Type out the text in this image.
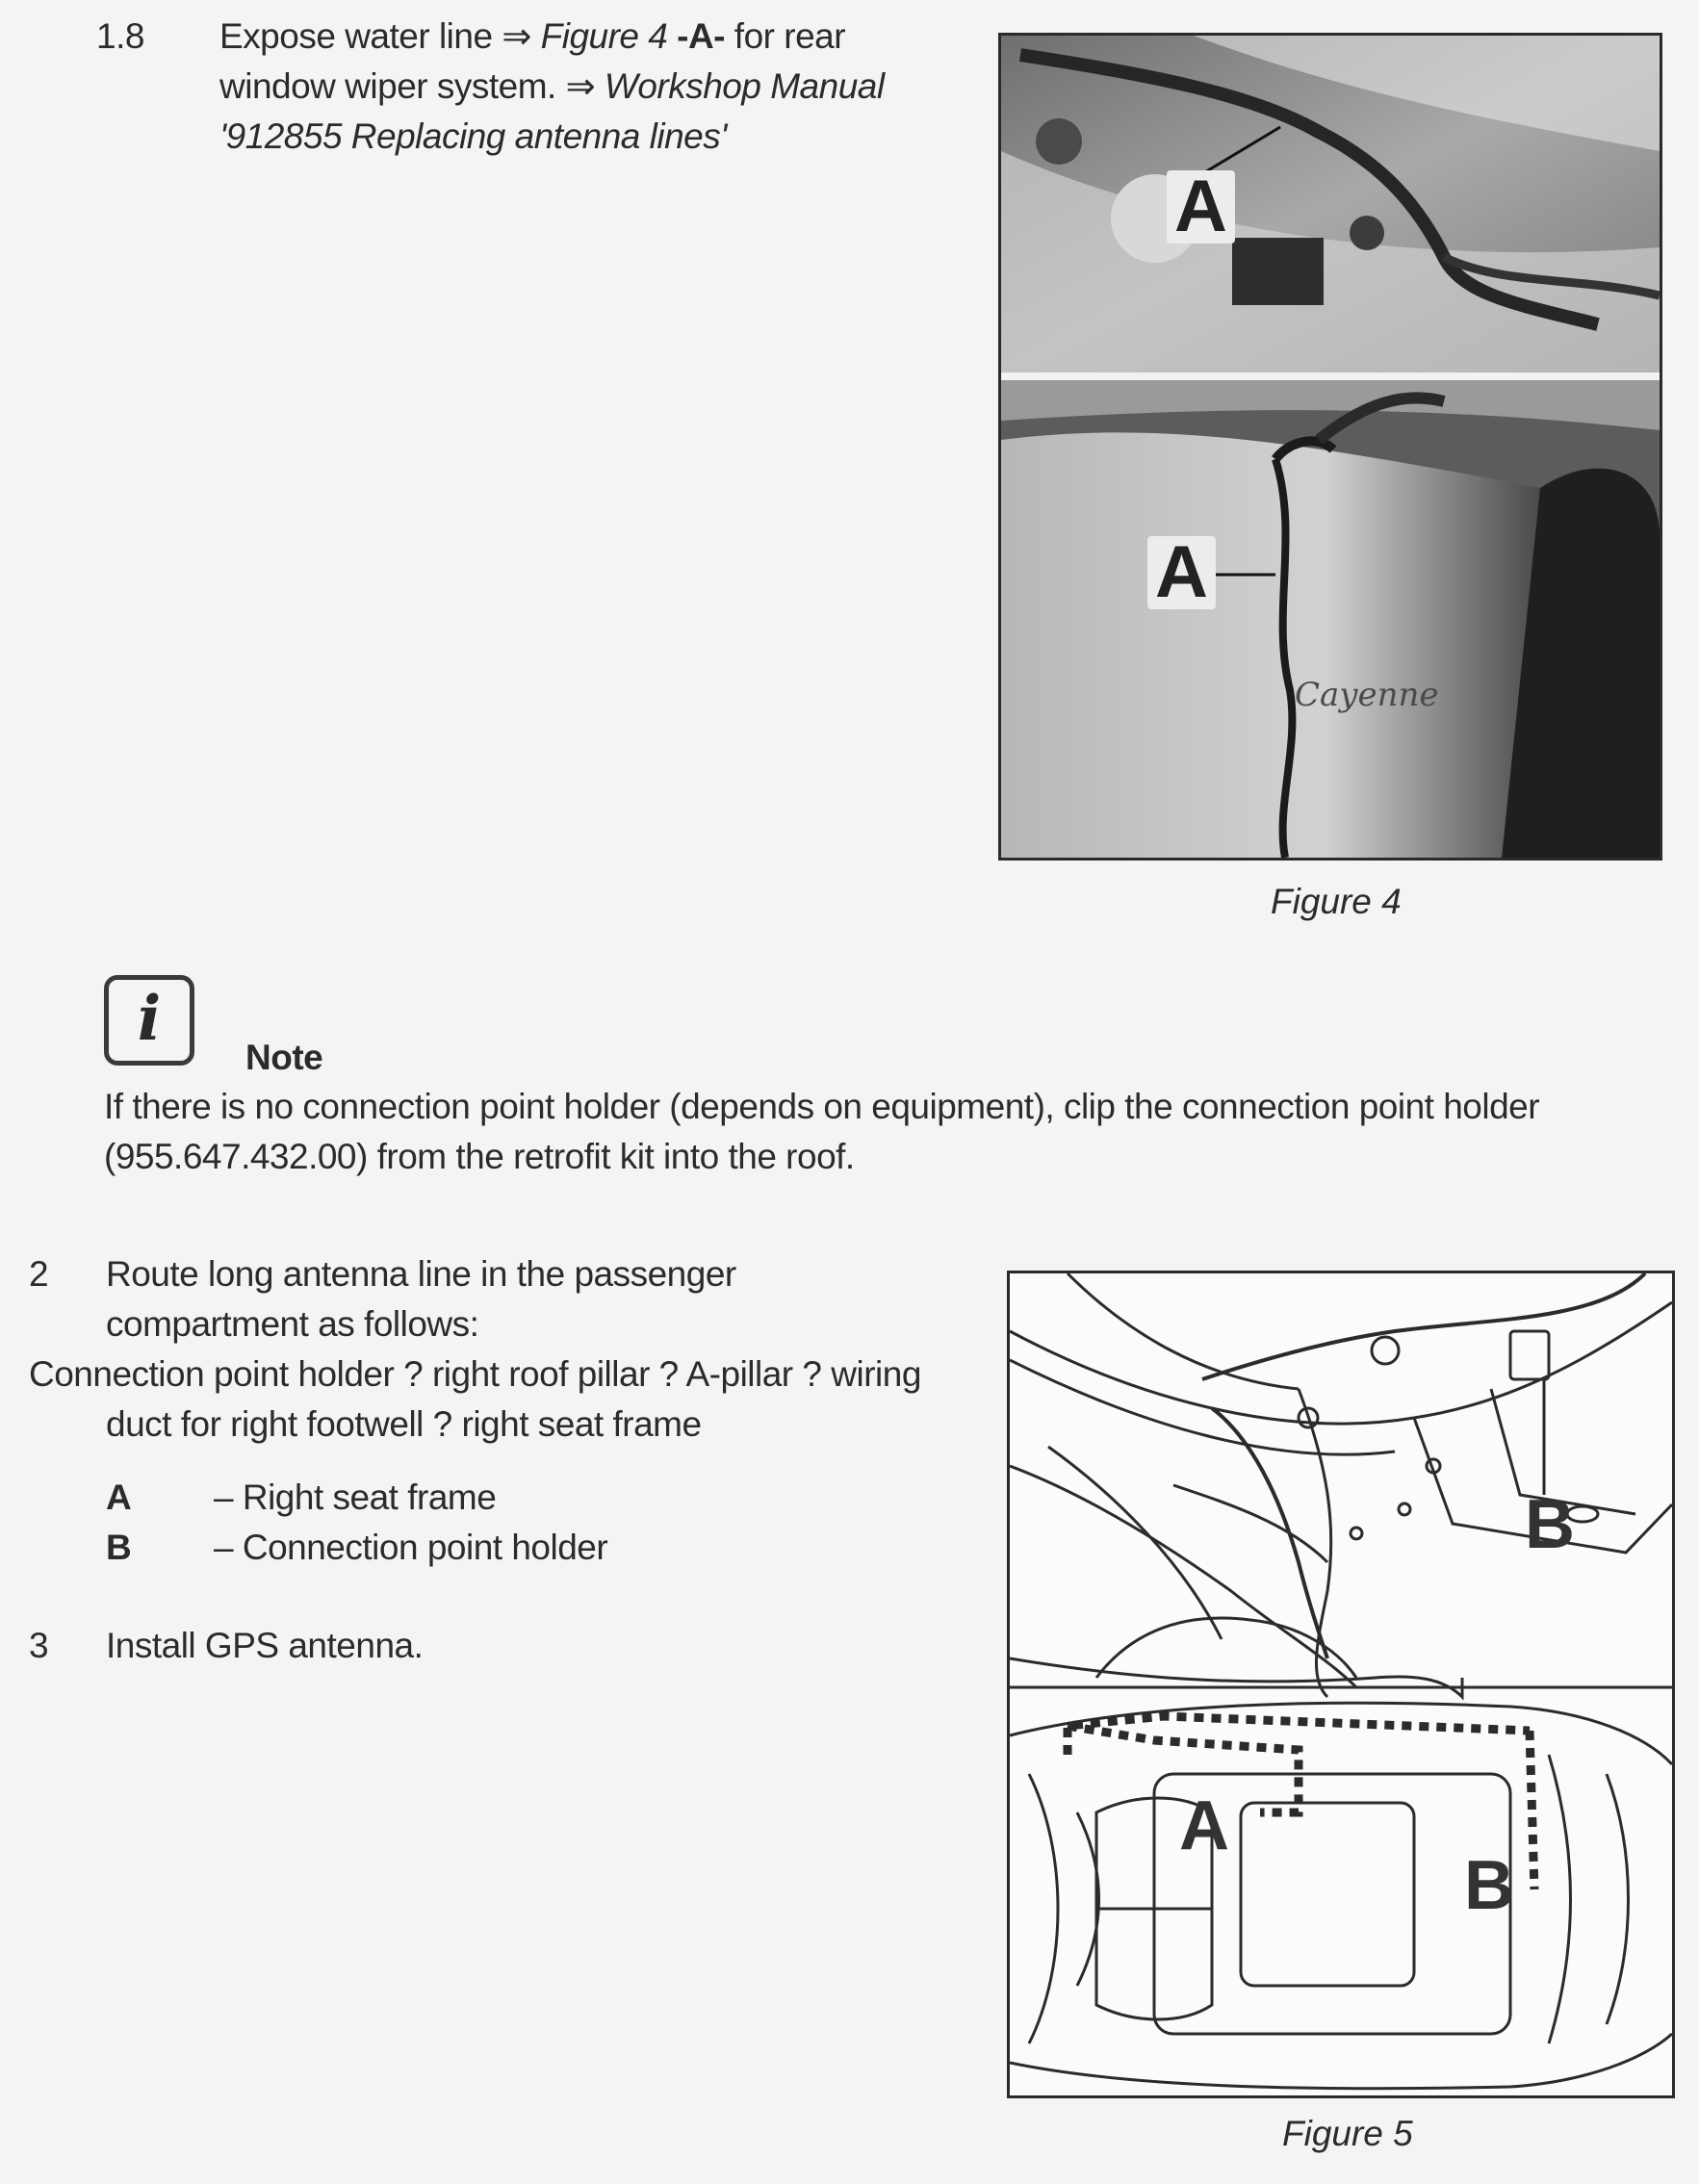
1.8 Expose water line ⇒ Figure 4 -A- for rear
window wiper system. ⇒ Workshop Manual
'912855 Replacing antenna lines'
A
A
Cayenne
Figure 4
i
Note
If there is no connection point holder (depends on equipment), clip the connection point holder
(955.647.432.00) from the retrofit kit into the roof.
2 Route long antenna line in the passenger
compartment as follows:
Connection point holder ? right roof pillar ? A-pillar ? wiring
duct for right footwell ? right seat frame
A – Right seat frame
B – Connection point holder
3 Install GPS antenna.
B
A
B
Figure 5
